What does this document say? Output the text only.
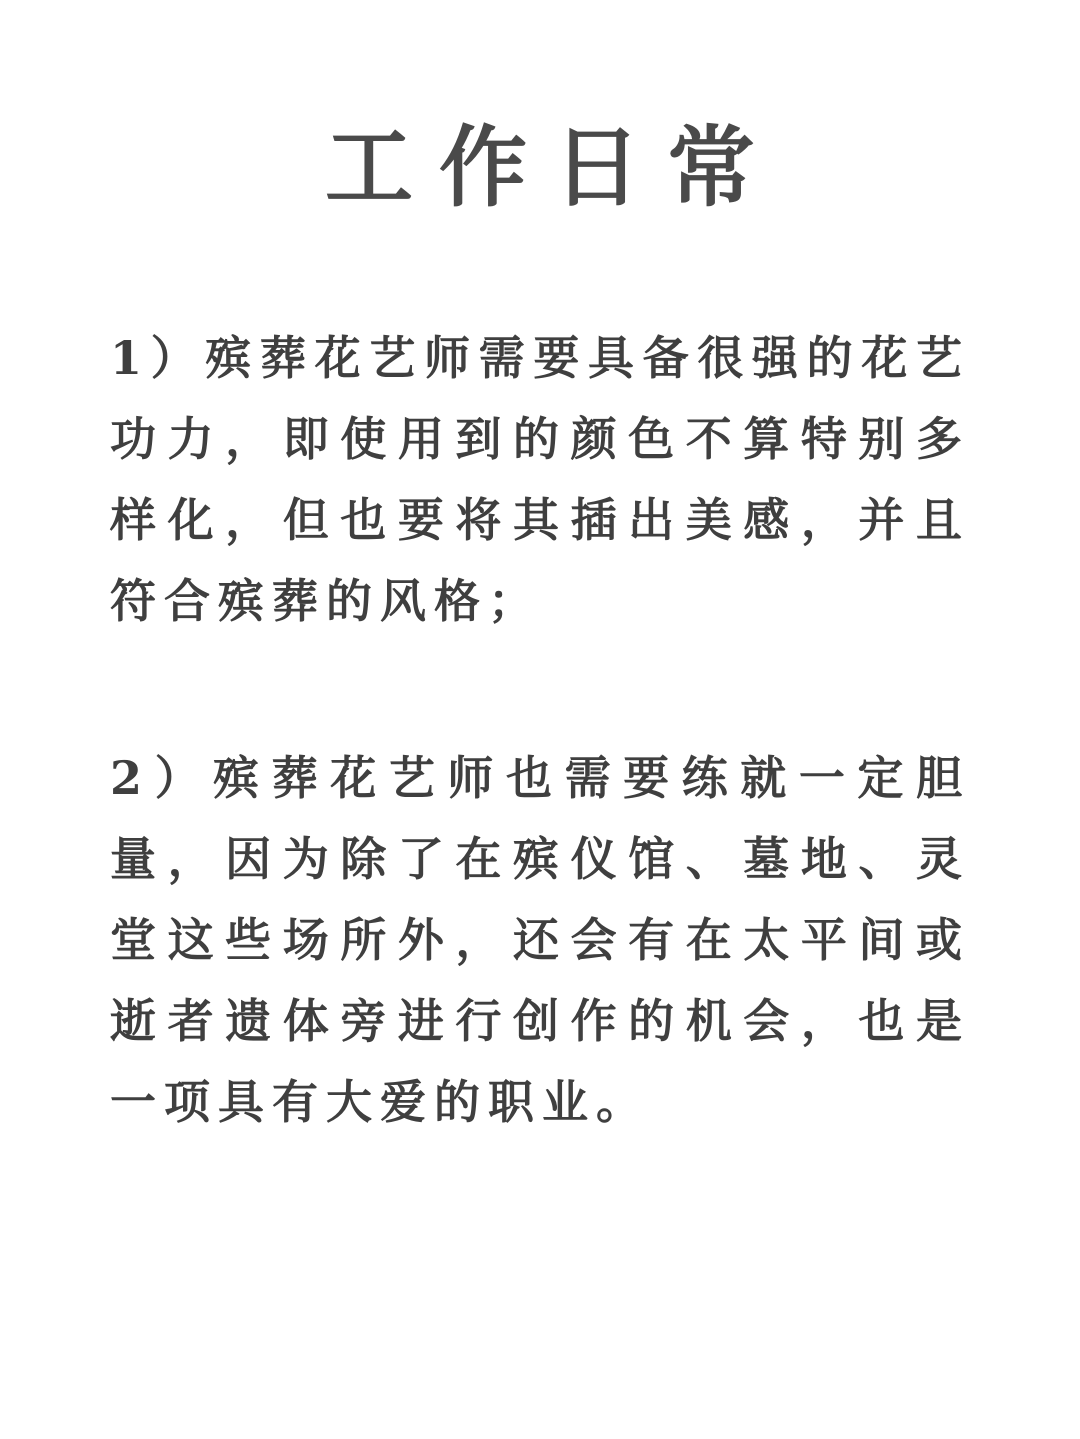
工作日常

1）殡葬花艺师需要具备很强的花艺功力，即使用到的颜色不算特别多样化，但也要将其插出美感，并且符合殡葬的风格；

2）殡葬花艺师也需要练就一定胆量，因为除了在殡仪馆、墓地、灵堂这些场所外，还会有在太平间或逝者遗体旁进行创作的机会，也是一项具有大爱的职业。
